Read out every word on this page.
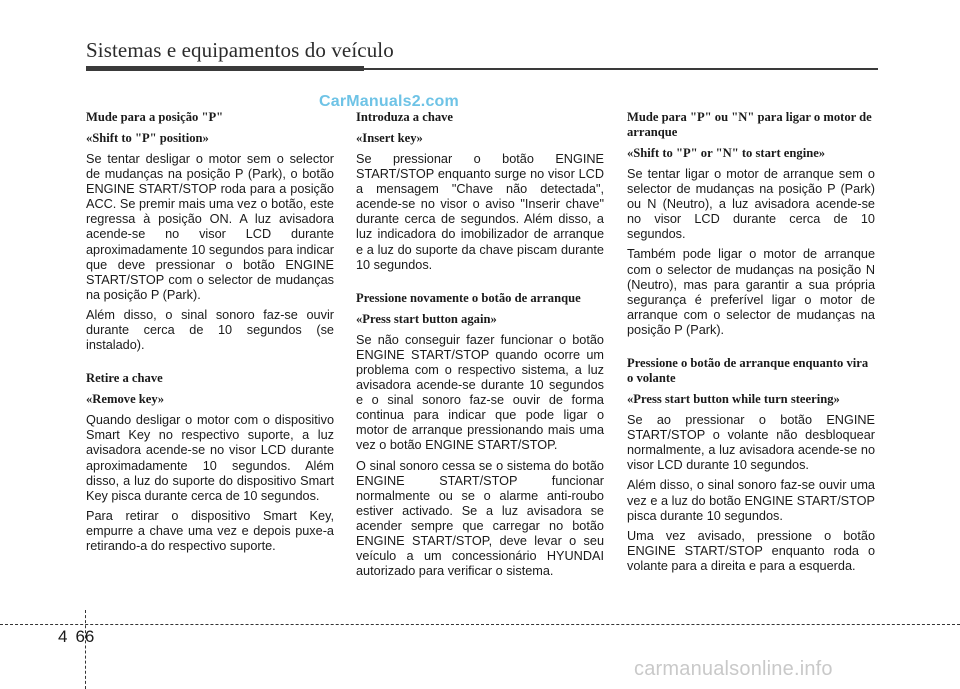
Sistemas e equipamentos do veículo
CarManuals2.com
Mude para a posição "P"
«Shift to "P" position»

Se tentar desligar o motor sem o selector de mudanças na posição P (Park), o botão ENGINE START/STOP roda para a posição ACC. Se premir mais uma vez o botão, este regressa à posição ON. A luz avisadora acende-se no visor LCD durante aproximadamente 10 segundos para indicar que deve pressionar o botão ENGINE START/STOP com o selector de mudanças na posição P (Park).

Além disso, o sinal sonoro faz-se ouvir durante cerca de 10 segundos (se instalado).

Retire a chave
«Remove key»

Quando desligar o motor com o dispositivo Smart Key no respectivo suporte, a luz avisadora acende-se no visor LCD durante aproximadamente 10 segundos. Além disso, a luz do suporte do dispositivo Smart Key pisca durante cerca de 10 segundos.

Para retirar o dispositivo Smart Key, empurre a chave uma vez e depois puxe-a retirando-a do respectivo suporte.

Introduza a chave
«Insert key»

Se pressionar o botão ENGINE START/STOP enquanto surge no visor LCD a mensagem "Chave não detectada", acende-se no visor o aviso "Inserir chave" durante cerca de segundos. Além disso, a luz indicadora do imobilizador de arranque e a luz do suporte da chave piscam durante 10 segundos.

Pressione novamente o botão de arranque
«Press start button again»

Se não conseguir fazer funcionar o botão ENGINE START/STOP quando ocorre um problema com o respectivo sistema, a luz avisadora acende-se durante 10 segundos e o sinal sonoro faz-se ouvir de forma continua para indicar que pode ligar o motor de arranque pressionando mais uma vez o botão ENGINE START/STOP.

O sinal sonoro cessa se o sistema do botão ENGINE START/STOP funcionar normalmente ou se o alarme anti-roubo estiver activado. Se a luz avisadora se acender sempre que carregar no botão ENGINE START/STOP, deve levar o seu veículo a um concessionário HYUNDAI autorizado para verificar o sistema.

Mude para "P" ou "N" para ligar o motor de arranque
«Shift to "P" or "N" to start engine»

Se tentar ligar o motor de arranque sem o selector de mudanças na posição P (Park) ou N (Neutro), a luz avisadora acende-se no visor LCD durante cerca de 10 segundos.

Também pode ligar o motor de arranque com o selector de mudanças na posição N (Neutro), mas para garantir a sua própria segurança é preferível ligar o motor de arranque com o selector de mudanças na posição P (Park).

Pressione o botão de arranque enquanto vira o volante
«Press start button while turn steering»

Se ao pressionar o botão ENGINE START/STOP o volante não desbloquear normalmente, a luz avisadora acende-se no visor LCD durante 10 segundos.

Além disso, o sinal sonoro faz-se ouvir uma vez e a luz do botão ENGINE START/STOP pisca durante 10 segundos.

Uma vez avisado, pressione o botão ENGINE START/STOP enquanto roda o volante para a direita e para a esquerda.

4 66
carmanualsonline.info
